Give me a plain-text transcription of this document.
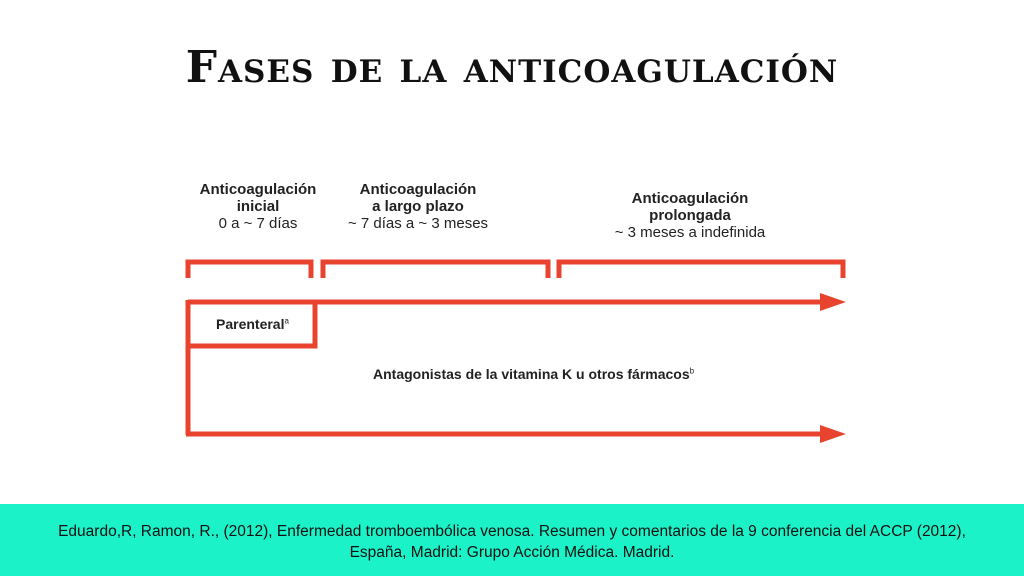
Fases de la anticoagulación
Anticoagulación
inicial
0 a ~ 7 días
Anticoagulación
a largo plazo
~ 7 días a ~ 3 meses
Anticoagulación
prolongada
~ 3 meses a indefinida
Parenteral$^a$
Antagonistas de la vitamina K u otros fármacos$^b$
Eduardo,R, Ramon, R., (2012), Enfermedad tromboembólica venosa. Resumen y comentarios de la 9 conferencia del ACCP (2012),
España, Madrid: Grupo Acción Médica. Madrid.
